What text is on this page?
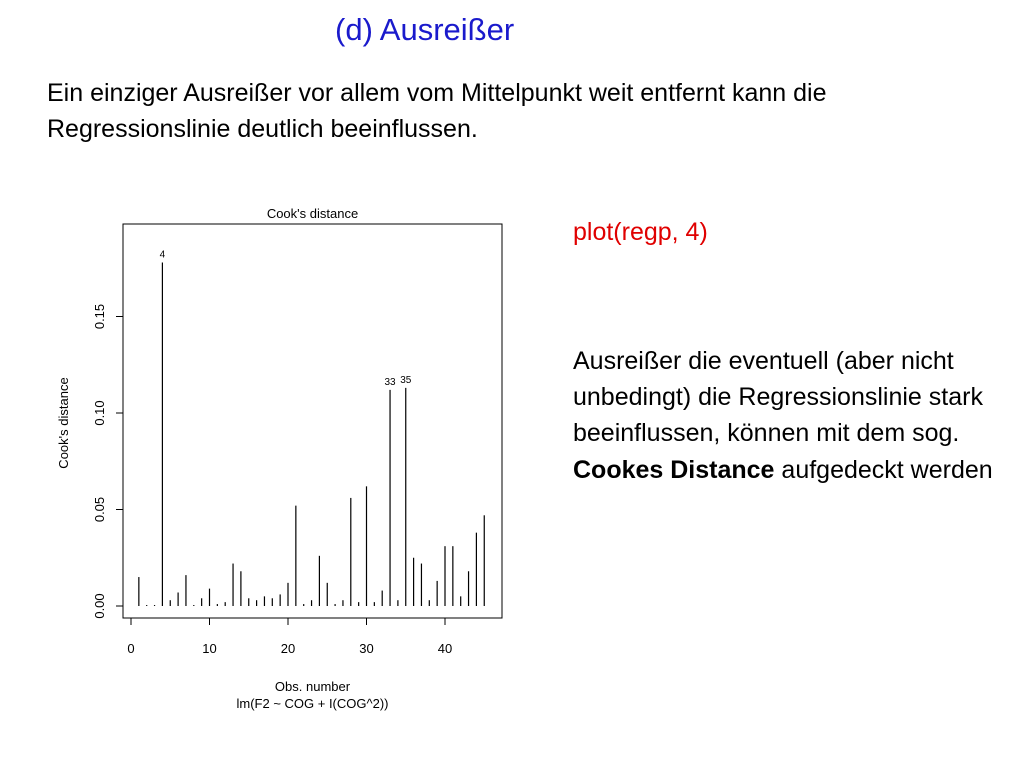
(d) Ausreißer
Ein einziger Ausreißer vor allem vom Mittelpunkt weit entfernt kann die Regressionslinie deutlich beeinflussen.
plot(regp, 4)
Ausreißer die eventuell (aber nicht unbedingt) die Regressionslinie stark beeinflussen, können mit dem sog. Cookes Distance aufgedeckt werden
Cook's distance
0.00
0.05
0.10
0.15
0	10	20	30	40
4
33 35
Cook's distance
Obs. number
lm(F2 ~ COG + I(COG^2))
